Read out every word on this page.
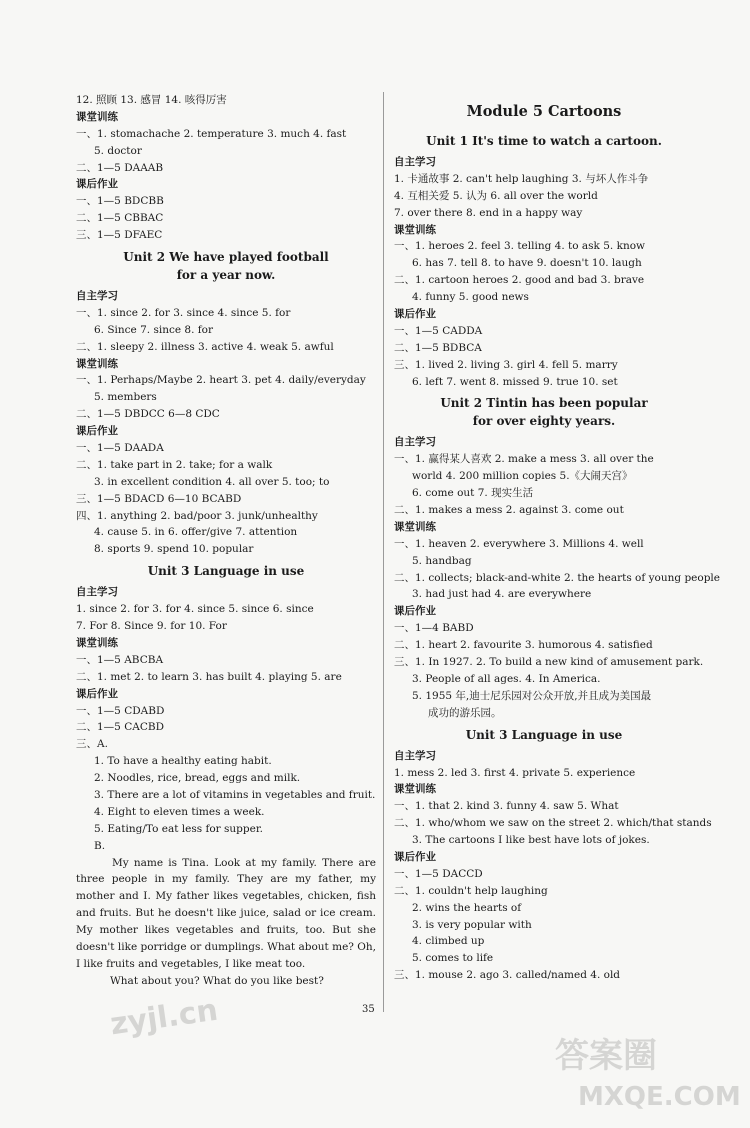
12. 照顾 13. 感冒 14. 咳得厉害
课堂训练
一、1. stomachache 2. temperature 3. much 4. fast
5. doctor
二、1—5 DAAAB
课后作业
一、1—5 BDCBB
二、1—5 CBBAC
三、1—5 DFAEC
Unit 2 We have played football
for a year now.
自主学习
一、1. since 2. for 3. since 4. since 5. for
6. Since 7. since 8. for
二、1. sleepy 2. illness 3. active 4. weak 5. awful
课堂训练
一、1. Perhaps/Maybe 2. heart 3. pet 4. daily/everyday
5. members
二、1—5 DBDCC 6—8 CDC
课后作业
一、1—5 DAADA
二、1. take part in 2. take; for a walk
3. in excellent condition 4. all over 5. too; to
三、1—5 BDACD 6—10 BCABD
四、1. anything 2. bad/poor 3. junk/unhealthy
4. cause 5. in 6. offer/give 7. attention
8. sports 9. spend 10. popular
Unit 3 Language in use
自主学习
1. since 2. for 3. for 4. since 5. since 6. since
7. For 8. Since 9. for 10. For
课堂训练
一、1—5 ABCBA
二、1. met 2. to learn 3. has built 4. playing 5. are
课后作业
一、1—5 CDABD
二、1—5 CACBD
三、A.
1. To have a healthy eating habit.
2. Noodles, rice, bread, eggs and milk.
3. There are a lot of vitamins in vegetables and fruit.
4. Eight to eleven times a week.
5. Eating/To eat less for supper.
B.
My name is Tina. Look at my family. There are three people in my family. They are my father, my mother and I. My father likes vegetables, chicken, fish and fruits. But he doesn't like juice, salad or ice cream. My mother likes vegetables and fruits, too. But she doesn't like porridge or dumplings. What about me? Oh, I like fruits and vegetables, I like meat too.
What about you? What do you like best?
Module 5 Cartoons
Unit 1 It's time to watch a cartoon.
自主学习
1. 卡通故事 2. can't help laughing 3. 与坏人作斗争
4. 互相关爱 5. 认为 6. all over the world
7. over there 8. end in a happy way
课堂训练
一、1. heroes 2. feel 3. telling 4. to ask 5. know
6. has 7. tell 8. to have 9. doesn't 10. laugh
二、1. cartoon heroes 2. good and bad 3. brave
4. funny 5. good news
课后作业
一、1—5 CADDA
二、1—5 BDBCA
三、1. lived 2. living 3. girl 4. fell 5. marry
6. left 7. went 8. missed 9. true 10. set
Unit 2 Tintin has been popular
for over eighty years.
自主学习
一、1. 赢得某人喜欢 2. make a mess 3. all over the
world 4. 200 million copies 5.《大闹天宫》
6. come out 7. 现实生活
二、1. makes a mess 2. against 3. come out
课堂训练
一、1. heaven 2. everywhere 3. Millions 4. well
5. handbag
二、1. collects; black-and-white 2. the hearts of young people
3. had just had 4. are everywhere
课后作业
一、1—4 BABD
二、1. heart 2. favourite 3. humorous 4. satisfied
三、1. In 1927. 2. To build a new kind of amusement park.
3. People of all ages. 4. In America.
5. 1955 年,迪士尼乐园对公众开放,并且成为美国最
成功的游乐园。
Unit 3 Language in use
自主学习
1. mess 2. led 3. first 4. private 5. experience
课堂训练
一、1. that 2. kind 3. funny 4. saw 5. What
二、1. who/whom we saw on the street 2. which/that stands
3. The cartoons I like best have lots of jokes.
课后作业
一、1—5 DACCD
二、1. couldn't help laughing
2. wins the hearts of
3. is very popular with
4. climbed up
5. comes to life
三、1. mouse 2. ago 3. called/named 4. old
35
zyjl.cn
答案圈
MXQE.COM
